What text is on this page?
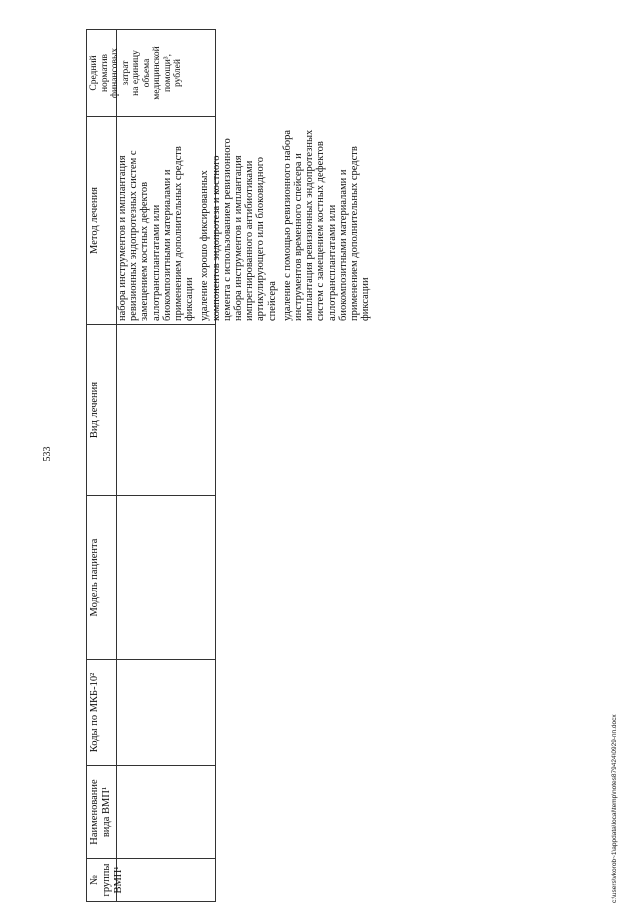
533
№ группы ВМП¹
Наименование вида ВМП¹
Коды по МКБ-10²
Модель пациента
Вид лечения
Метод лечения
Средний норматив финансовых затрат на единицу объема медицинской помощи³, рублей

набора инструментов и имплантация ревизионных эндопротезных систем с замещением костных дефектов аллотрансплантатами или биокомпозитными материалами и применением дополнительных средств фиксации удаление хорошо фиксированных компонентов эндопротеза и костного цемента с использованием ревизионного набора инструментов и имплантация импрегнированного антибиотиками артикулирующего или блоковидного спейсера удаление с помощью ревизионного набора инструментов временного спейсера и имплантация ревизионных эндопротезных систем с замещением костных дефектов аллотрансплантатами или биокомпозитными материалами и применением дополнительных средств фиксации

c:\users\vkorob~1\appdata\local\temp\notes879424\0929-пп.docx
